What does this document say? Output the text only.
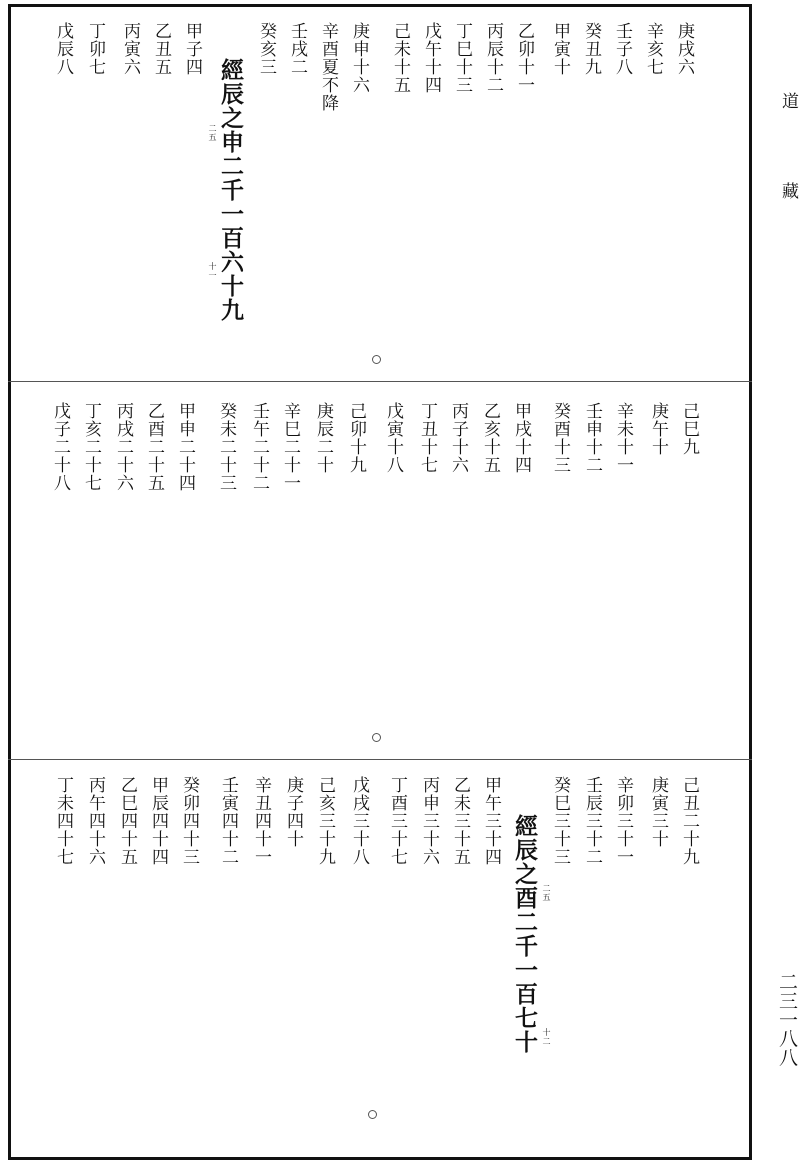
道
藏
二三一八八
庚戌六
辛亥七
壬子八
癸丑九
甲寅十
乙卯十一
丙辰十二
丁巳十三
戊午十四
己未十五
庚申十六
辛酉夏不降
壬戌二
癸亥三
甲子四
乙丑五
丙寅六
丁卯七
戊辰八
經辰之申二千一百六十九
二五
十一
己巳九
庚午十
辛未十一
壬申十二
癸酉十三
甲戌十四
乙亥十五
丙子十六
丁丑十七
戊寅十八
己卯十九
庚辰二十
辛巳二十一
壬午二十二
癸未二十三
甲申二十四
乙酉二十五
丙戌二十六
丁亥二十七
戊子二十八
己丑二十九
庚寅三十
辛卯三十一
壬辰三十二
癸巳三十三
甲午三十四
乙未三十五
丙申三十六
丁酉三十七
戊戌三十八
己亥三十九
庚子四十
辛丑四十一
壬寅四十二
癸卯四十三
甲辰四十四
乙巳四十五
丙午四十六
丁未四十七	經辰之酉二千一百七十 二五
十二
